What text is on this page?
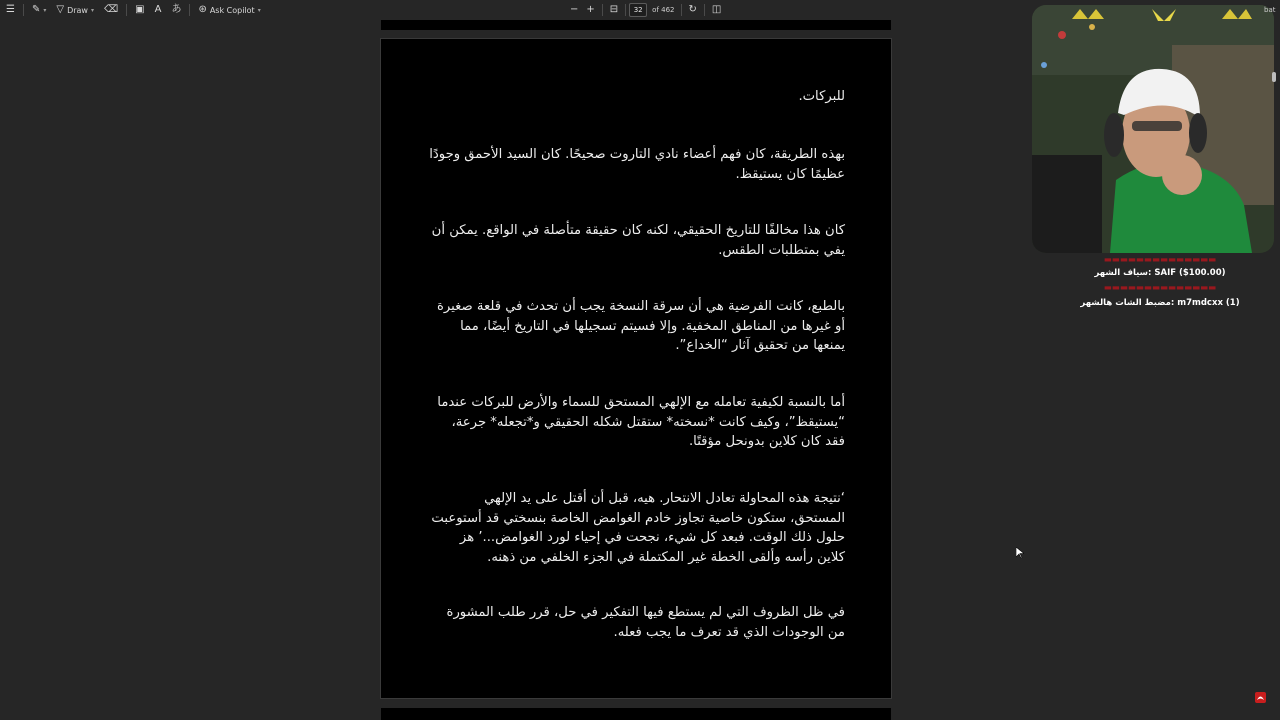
☰ ✎ ▾ ▽ Draw ▾ ⌫ ▣ A あ ⊛ Ask Copilot ▾	− + ⊟	32	of 462 ↻ ◫
للبركات.
بهذه الطريقة، كان فهم أعضاء نادي التاروت صحيحًا. كان السيد الأحمق وجودًا عظيمًا كان يستيقظ.
كان هذا مخالفًا للتاريخ الحقيقي، لكنه كان حقيقة متأصلة في الواقع. يمكن أن يفي بمتطلبات الطقس.
بالطبع، كانت الفرضية هي أن سرقة النسخة يجب أن تحدث في قلعة صغيرة أو غيرها من المناطق المخفية. وإلا فسيتم تسجيلها في التاريخ أيضًا، مما يمنعها من تحقيق آثار “الخداع”.
أما بالنسبة لكيفية تعامله مع الإلهي المستحق للسماء والأرض للبركات عندما “يستيقظ”، وكيف كانت *نسخته* ستقتل شكله الحقيقي و*تجعله* جرعة، فقد كان كلاين بدونحل مؤقتًا.
‘نتيجة هذه المحاولة تعادل الانتحار. هيه، قبل أن أقتل على يد الإلهي المستحق، ستكون خاصية تجاوز خادم الغوامض الخاصة بنسختي قد أستوعبت حلول ذلك الوقت. فبعد كل شيء، نجحت في إحياء لورد الغوامض...’ هز كلاين رأسه وألقى الخطة غير المكتملة في الجزء الخلفي من ذهنه.
في ظل الظروف التي لم يستطع فيها التفكير في حل، قرر طلب المشورة من الوجودات الذي قد تعرف ما يجب فعله.
bat
▬▬▬▬▬▬▬▬▬▬▬▬▬▬
SAIF ($100.00) :سياف الشهر
▬▬▬▬▬▬▬▬▬▬▬▬▬▬
m7mdcxx (1) :مضبط الشات هالشهر
